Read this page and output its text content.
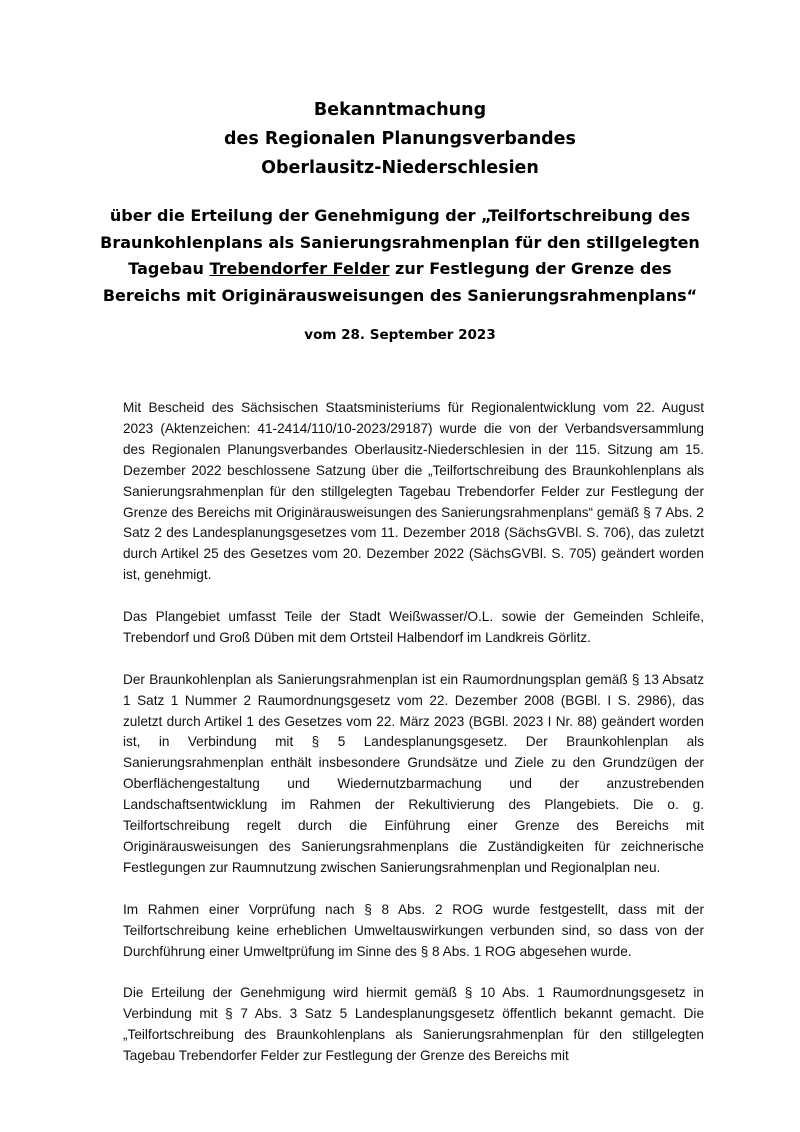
Bekanntmachung
des Regionalen Planungsverbandes
Oberlausitz-Niederschlesien
über die Erteilung der Genehmigung der „Teilfortschreibung des Braunkohlenplans als Sanierungsrahmenplan für den stillgelegten Tagebau Trebendorfer Felder zur Festlegung der Grenze des Bereichs mit Originärausweisungen des Sanierungsrahmenplans“
vom 28. September 2023

Mit Bescheid des Sächsischen Staatsministeriums für Regionalentwicklung vom 22. August 2023 (Aktenzeichen: 41-2414/110/10-2023/29187) wurde die von der Verbandsversammlung des Regionalen Planungsverbandes Oberlausitz-Niederschlesien in der 115. Sitzung am 15. Dezember 2022 beschlossene Satzung über die „Teilfortschreibung des Braunkohlenplans als Sanierungsrahmenplan für den stillgelegten Tagebau Trebendorfer Felder zur Festlegung der Grenze des Bereichs mit Originärausweisungen des Sanierungsrahmenplans“ gemäß § 7 Abs. 2 Satz 2 des Landesplanungsgesetzes vom 11. Dezember 2018 (SächsGVBl. S. 706), das zuletzt durch Artikel 25 des Gesetzes vom 20. Dezember 2022 (SächsGVBl. S. 705) geändert worden ist, genehmigt.

Das Plangebiet umfasst Teile der Stadt Weißwasser/O.L. sowie der Gemeinden Schleife, Trebendorf und Groß Düben mit dem Ortsteil Halbendorf im Landkreis Görlitz.

Der Braunkohlenplan als Sanierungsrahmenplan ist ein Raumordnungsplan gemäß § 13 Absatz 1 Satz 1 Nummer 2 Raumordnungsgesetz vom 22. Dezember 2008 (BGBl. I S. 2986), das zuletzt durch Artikel 1 des Gesetzes vom 22. März 2023 (BGBl. 2023 I Nr. 88) geändert worden ist, in Verbindung mit § 5 Landesplanungsgesetz. Der Braunkohlenplan als Sanierungsrahmenplan enthält insbesondere Grundsätze und Ziele zu den Grundzügen der Oberflächengestaltung und Wiedernutzbarmachung und der anzustrebenden Landschaftsentwicklung im Rahmen der Rekultivierung des Plangebiets. Die o. g. Teilfortschreibung regelt durch die Einführung einer Grenze des Bereichs mit Originärausweisungen des Sanierungsrahmenplans die Zuständigkeiten für zeichnerische Festlegungen zur Raumnutzung zwischen Sanierungsrahmenplan und Regionalplan neu.

Im Rahmen einer Vorprüfung nach § 8 Abs. 2 ROG wurde festgestellt, dass mit der Teilfortschreibung keine erheblichen Umweltauswirkungen verbunden sind, so dass von der Durchführung einer Umweltprüfung im Sinne des § 8 Abs. 1 ROG abgesehen wurde.

Die Erteilung der Genehmigung wird hiermit gemäß § 10 Abs. 1 Raumordnungsgesetz in Verbindung mit § 7 Abs. 3 Satz 5 Landesplanungsgesetz öffentlich bekannt gemacht. Die „Teilfortschreibung des Braunkohlenplans als Sanierungsrahmenplan für den stillgelegten Tagebau Trebendorfer Felder zur Festlegung der Grenze des Bereichs mit
